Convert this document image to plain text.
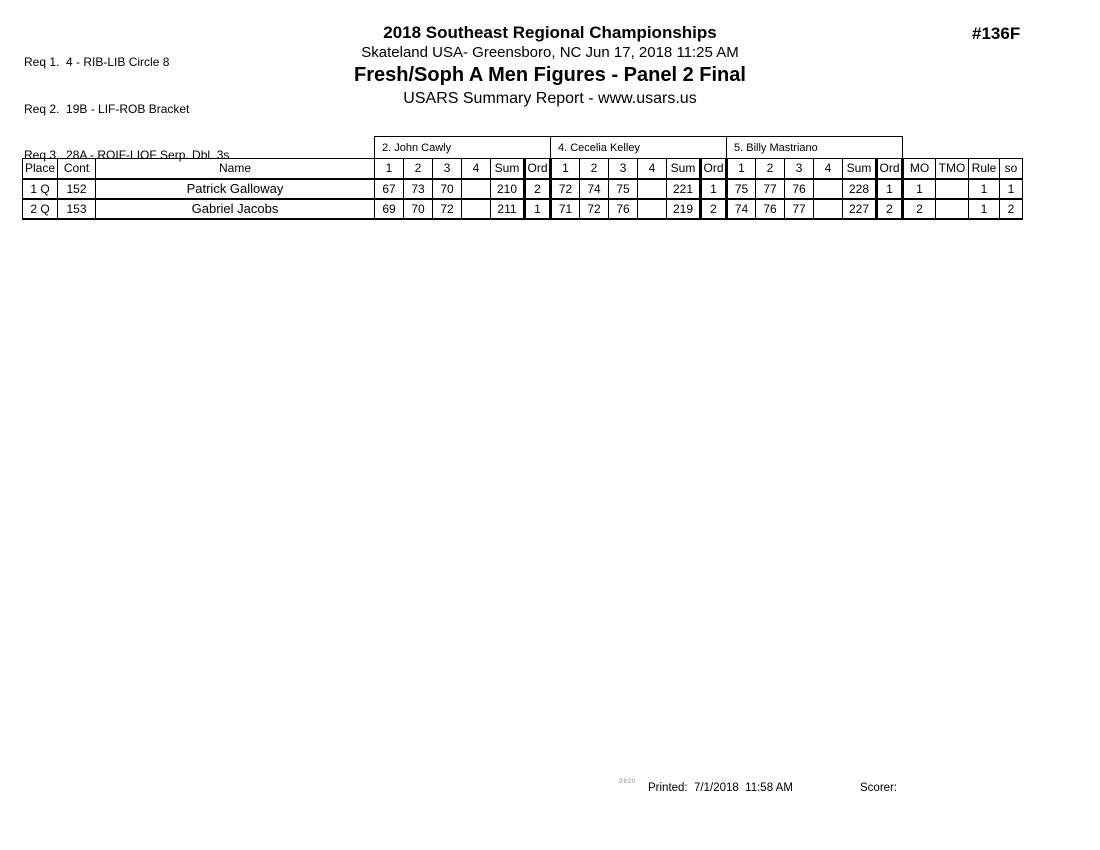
Req 1.  4 - RIB-LIB Circle 8

Req 2.  19B - LIF-ROB Bracket

Req 3.  28A - ROIF-LIOF Serp. Dbl. 3s

2018 Southeast Regional Championships
Skateland USA- Greensboro, NC Jun 17, 2018 11:25 AM
Fresh/Soph A Men Figures - Panel 2 Final
USARS Summary Report - www.usars.us
#136F
			2. John Cawly						4. Cecelia Kelley						5. Billy Mastriano									
Place	Cont	Name	1	2	3	4	Sum	Ord	1	2	3	4	Sum	Ord	1	2	3	4	Sum	Ord	MO	TMO	Rule	so
1 Q	152	Patrick Galloway	67	73	70		210	2	72	74	75		221	1	75	77	76		228	1	1		1	1
2 Q	153	Gabriel Jacobs	69	70	72		211	1	71	72	76		219	2	74	76	77		227	2	2		1	2
3820 Printed:  7/1/2018  11:58 AM	Scorer:
